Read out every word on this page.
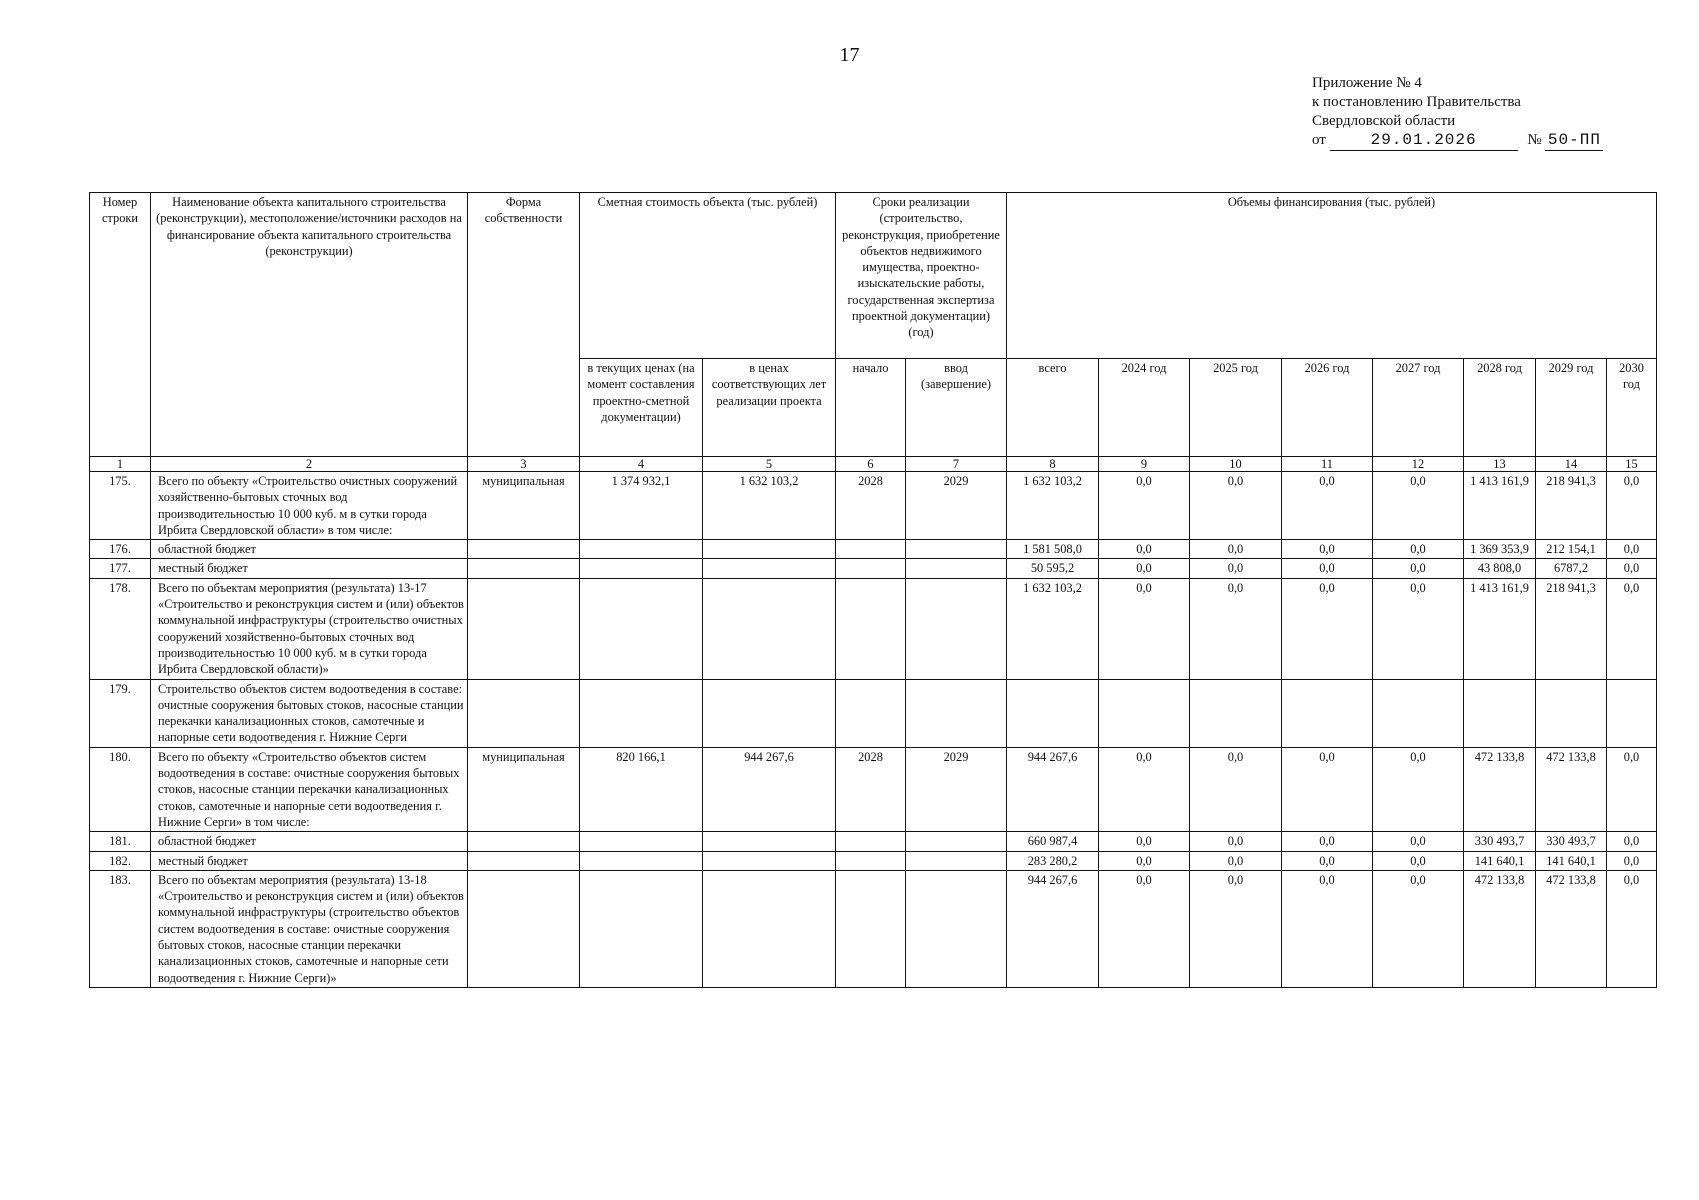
17
Приложение № 4
к постановлению Правительства
Свердловской области
от	29.01.2026	№ 50-ПП
Номер строки	Наименование объекта капитального строительства (реконструкции), местоположение/источники расходов на финансирование объекта капитального строительства (реконструкции)	Форма собственности	Сметная стоимость объекта (тыс. рублей)		Сроки реализации (строительство, реконструкция, приобретение объектов недвижимого имущества, проектно-изыскательские работы, государственная экспертиза проектной документации) (год)		Объемы финансирования (тыс. рублей)							
			в текущих ценах (на момент составления проектно-сметной документации)	в ценах соответствующих лет реализации проекта	начало	ввод (завершение)	всего	2024 год	2025 год	2026 год	2027 год	2028 год	2029 год	2030 год
1	2	3	4	5	6	7	8	9	10	11	12	13	14	15
175.	Всего по объекту «Строительство очистных сооружений хозяйственно-бытовых сточных вод производительностью 10 000 куб. м в сутки города Ирбита Свердловской области» в том числе:	муниципальная	1 374 932,1	1 632 103,2	2028	2029	1 632 103,2	0,0	0,0	0,0	0,0	1 413 161,9	218 941,3	0,0
176.	областной бюджет						1 581 508,0	0,0	0,0	0,0	0,0	1 369 353,9	212 154,1	0,0
177.	местный бюджет						50 595,2	0,0	0,0	0,0	0,0	43 808,0	6787,2	0,0
178.	Всего по объектам мероприятия (результата) 13-17 «Строительство и реконструкция систем и (или) объектов коммунальной инфраструктуры (строительство очистных сооружений хозяйственно-бытовых сточных вод производительностью 10 000 куб. м в сутки города Ирбита Свердловской области)»						1 632 103,2	0,0	0,0	0,0	0,0	1 413 161,9	218 941,3	0,0
179.	Строительство объектов систем водоотведения в составе: очистные сооружения бытовых стоков, насосные станции перекачки канализационных стоков, самотечные и напорные сети водоотведения г. Нижние Серги													
180.	Всего по объекту «Строительство объектов систем водоотведения в составе: очистные сооружения бытовых стоков, насосные станции перекачки канализационных стоков, самотечные и напорные сети водоотведения г. Нижние Серги» в том числе:	муниципальная	820 166,1	944 267,6	2028	2029	944 267,6	0,0	0,0	0,0	0,0	472 133,8	472 133,8	0,0
181.	областной бюджет						660 987,4	0,0	0,0	0,0	0,0	330 493,7	330 493,7	0,0
182.	местный бюджет						283 280,2	0,0	0,0	0,0	0,0	141 640,1	141 640,1	0,0
183.	Всего по объектам мероприятия (результата) 13-18 «Строительство и реконструкция систем и (или) объектов коммунальной инфраструктуры (строительство объектов систем водоотведения в составе: очистные сооружения бытовых стоков, насосные станции перекачки канализационных стоков, самотечные и напорные сети водоотведения г. Нижние Серги)»						944 267,6	0,0	0,0	0,0	0,0	472 133,8	472 133,8	0,0
